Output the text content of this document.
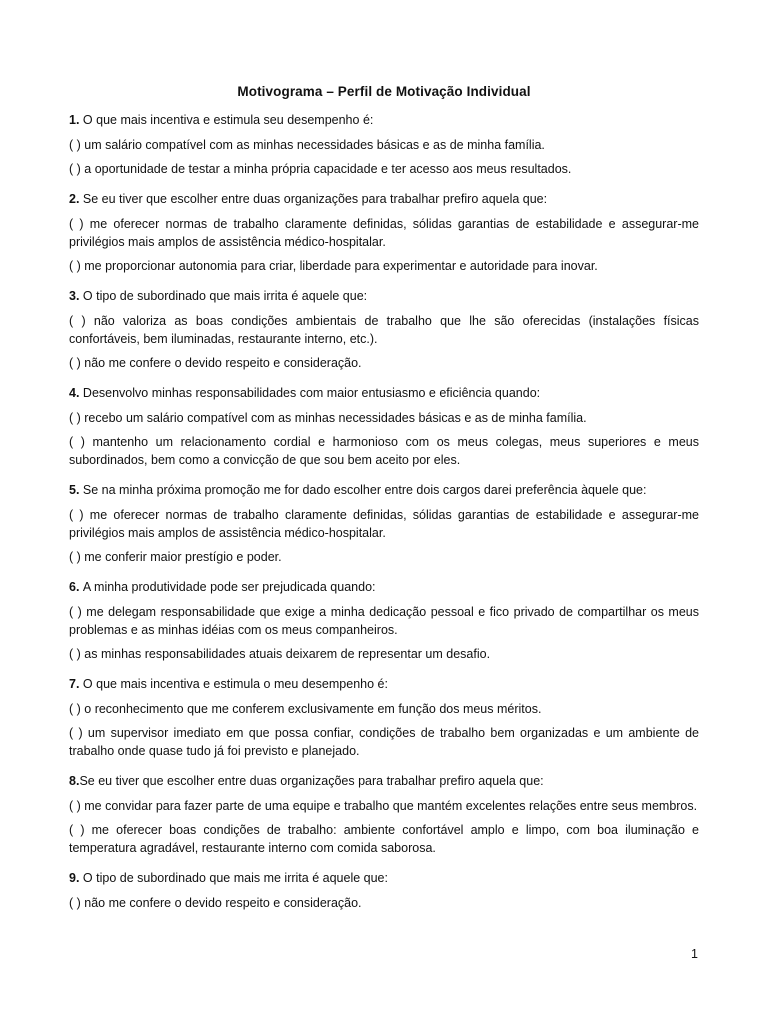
Motivograma – Perfil de Motivação Individual
1. O que mais incentiva e estimula seu desempenho é:
( ) um salário compatível com as minhas necessidades básicas e as de minha família.
( ) a oportunidade de testar a minha própria capacidade e ter acesso aos meus resultados.
2. Se eu tiver que escolher entre duas organizações para trabalhar prefiro aquela que:
( ) me oferecer normas de trabalho claramente definidas, sólidas garantias de estabilidade e assegurar-me privilégios mais amplos de assistência médico-hospitalar.
( ) me proporcionar autonomia para criar, liberdade para experimentar e autoridade para inovar.
3. O tipo de subordinado que mais irrita é aquele que:
( ) não valoriza as boas condições ambientais de trabalho que lhe são oferecidas (instalações físicas confortáveis, bem iluminadas, restaurante interno, etc.).
( ) não me confere o devido respeito e consideração.
4. Desenvolvo minhas responsabilidades com maior entusiasmo e eficiência quando:
( ) recebo um salário compatível com as minhas necessidades básicas e as de minha família.
( ) mantenho um relacionamento cordial e harmonioso com os meus colegas, meus superiores e meus subordinados, bem como a convicção de que sou bem aceito por eles.
5. Se na minha próxima promoção me for dado escolher entre dois cargos darei preferência àquele que:
( ) me oferecer normas de trabalho claramente definidas, sólidas garantias de estabilidade e assegurar-me privilégios mais amplos de assistência médico-hospitalar.
( ) me conferir maior prestígio e poder.
6. A minha produtividade pode ser prejudicada quando:
( ) me delegam responsabilidade que exige a minha dedicação pessoal e fico privado de compartilhar os meus problemas e as minhas idéias com os meus companheiros.
( ) as minhas responsabilidades atuais deixarem de representar um desafio.
7. O que mais incentiva e estimula o meu desempenho é:
( ) o reconhecimento que me conferem exclusivamente em função dos meus méritos.
( ) um supervisor imediato em que possa confiar, condições de trabalho bem organizadas e um ambiente de trabalho onde quase tudo já foi previsto e planejado.
8.Se eu tiver que escolher entre duas organizações para trabalhar prefiro aquela que:
( ) me convidar para fazer parte de uma equipe e trabalho que mantém excelentes relações entre seus membros.
( ) me oferecer boas condições de trabalho: ambiente confortável amplo e limpo, com boa iluminação e temperatura agradável, restaurante interno com comida saborosa.
9. O tipo de subordinado que mais me irrita é aquele que:
( ) não me confere o devido respeito e consideração.
1
